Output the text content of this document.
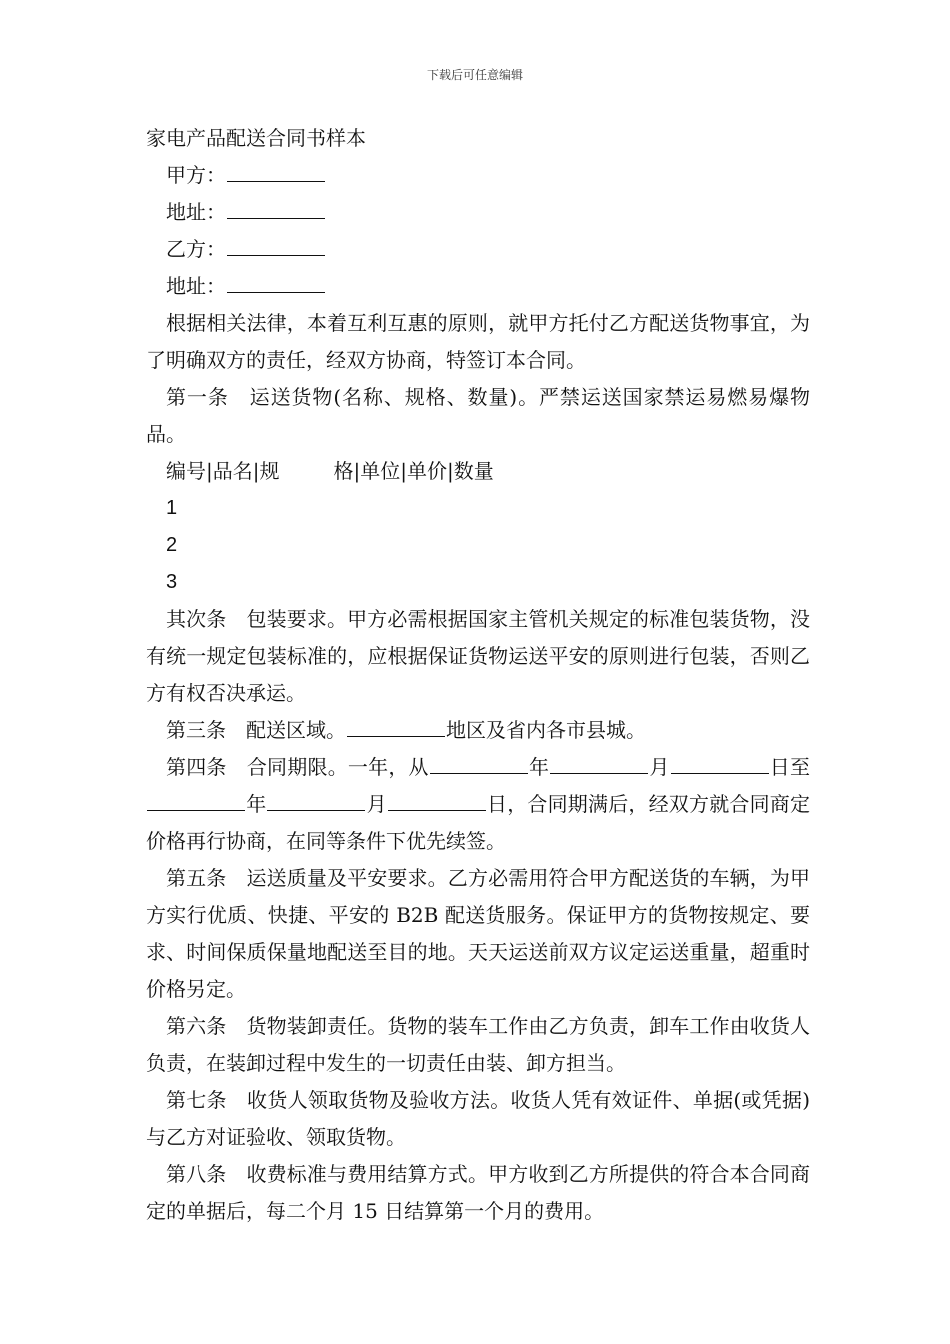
下载后可任意编辑

家电产品配送合同书样本

甲方：

地址：

乙方：

地址：

根据相关法律，本着互利互惠的原则，就甲方托付乙方配送货物事宜，为了明确双方的责任，经双方协商，特签订本合同。

第一条 运送货物(名称、规格、数量)。严禁运送国家禁运易燃易爆物品。

编号|品名|规	格|单位|单价|数量

1

2

3

其次条 包装要求。甲方必需根据国家主管机关规定的标准包装货物，没有统一规定包装标准的，应根据保证货物运送平安的原则进行包装，否则乙方有权否决承运。

第三条 配送区域。	地区及省内各市县城。

第四条 合同期限。一年，从	年	月	日至年	月	日，合同期满后，经双方就合同商定价格再行协商，在同等条件下优先续签。

第五条 运送质量及平安要求。乙方必需用符合甲方配送货的车辆，为甲方实行优质、快捷、平安的 B2B 配送货服务。保证甲方的货物按规定、要求、时间保质保量地配送至目的地。天天运送前双方议定运送重量，超重时价格另定。

第六条 货物装卸责任。货物的装车工作由乙方负责，卸车工作由收货人负责，在装卸过程中发生的一切责任由装、卸方担当。

第七条 收货人领取货物及验收方法。收货人凭有效证件、单据(或凭据)与乙方对证验收、领取货物。

第八条 收费标准与费用结算方式。甲方收到乙方所提供的符合本合同商定的单据后，每二个月 15 日结算第一个月的费用。
